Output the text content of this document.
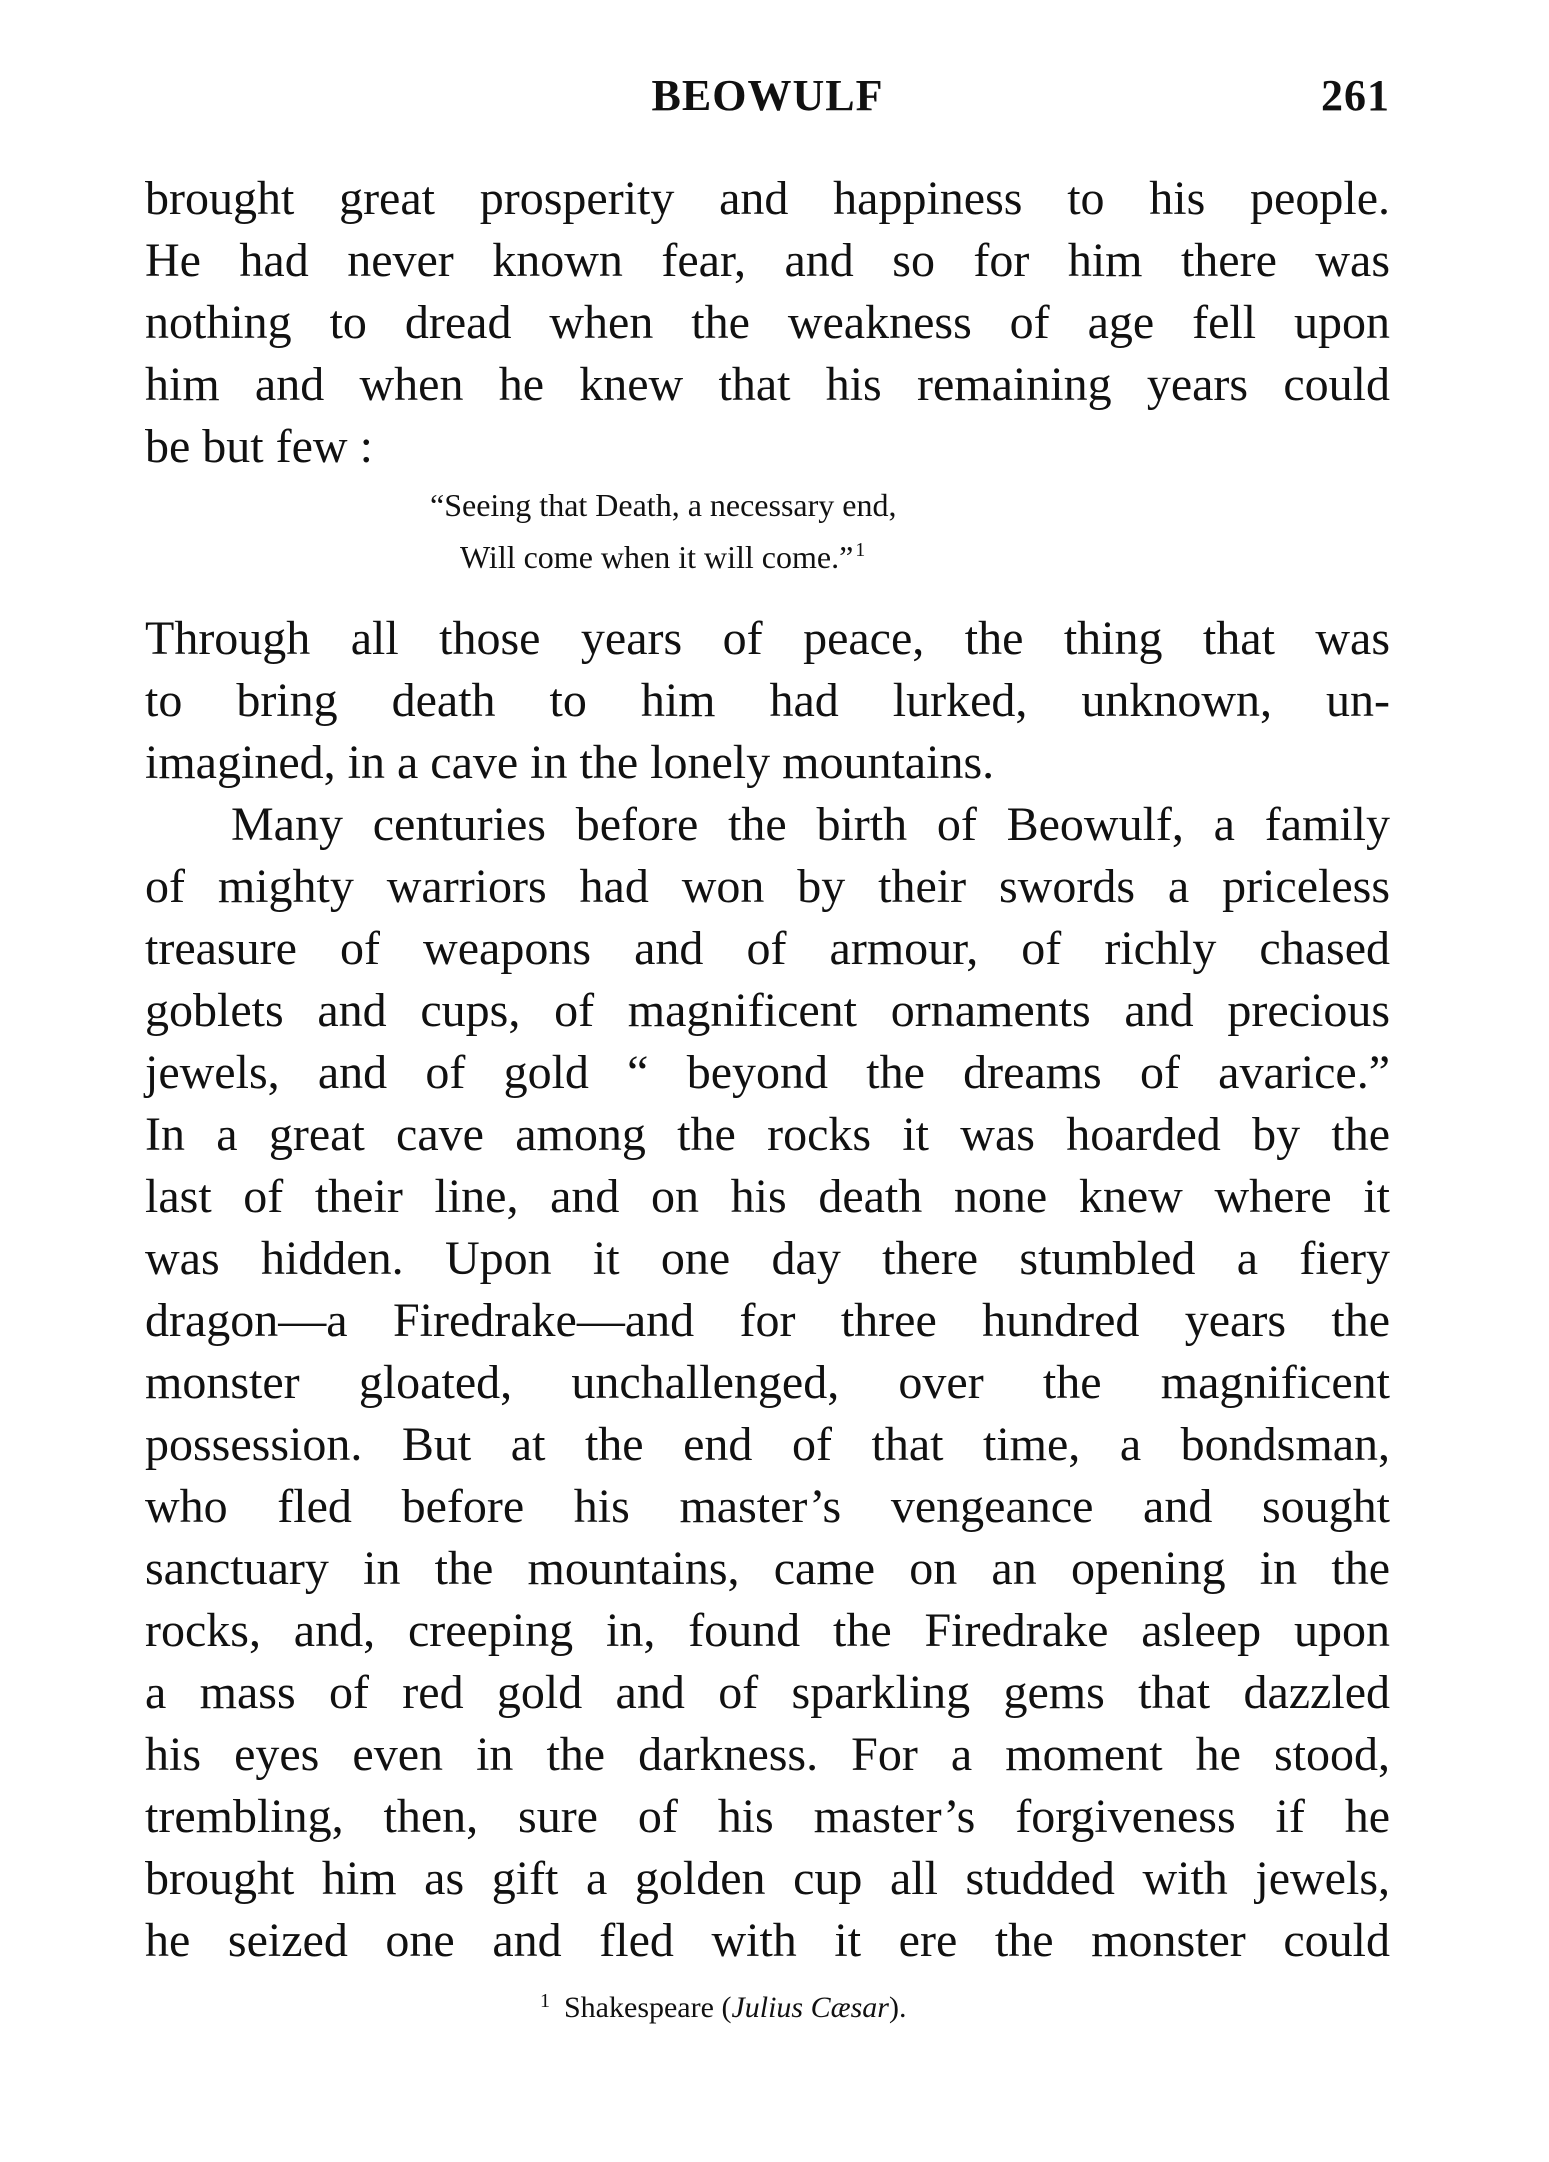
BEOWULF	261
brought great prosperity and happiness to his people.
He had never known fear, and so for him there was
nothing to dread when the weakness of age fell upon
him and when he knew that his remaining years could
be but few :
“Seeing that Death, a necessary end,
Will come when it will come.” $^1$
Through all those years of peace, the thing that was
to bring death to him had lurked, unknown, un-
imagined, in a cave in the lonely mountains.
Many centuries before the birth of Beowulf, a family
of mighty warriors had won by their swords a priceless
treasure of weapons and of armour, of richly chased
goblets and cups, of magnificent ornaments and precious
jewels, and of gold “ beyond the dreams of avarice.”
In a great cave among the rocks it was hoarded by the
last of their line, and on his death none knew where it
was hidden. Upon it one day there stumbled a fiery
dragon—a Firedrake—and for three hundred years the
monster gloated, unchallenged, over the magnificent
possession. But at the end of that time, a bondsman,
who fled before his master’s vengeance and sought
sanctuary in the mountains, came on an opening in the
rocks, and, creeping in, found the Firedrake asleep upon
a mass of red gold and of sparkling gems that dazzled
his eyes even in the darkness. For a moment he stood,
trembling, then, sure of his master’s forgiveness if he
brought him as gift a golden cup all studded with jewels,
he seized one and fled with it ere the monster could
$^1$ Shakespeare (Julius Cæsar).
